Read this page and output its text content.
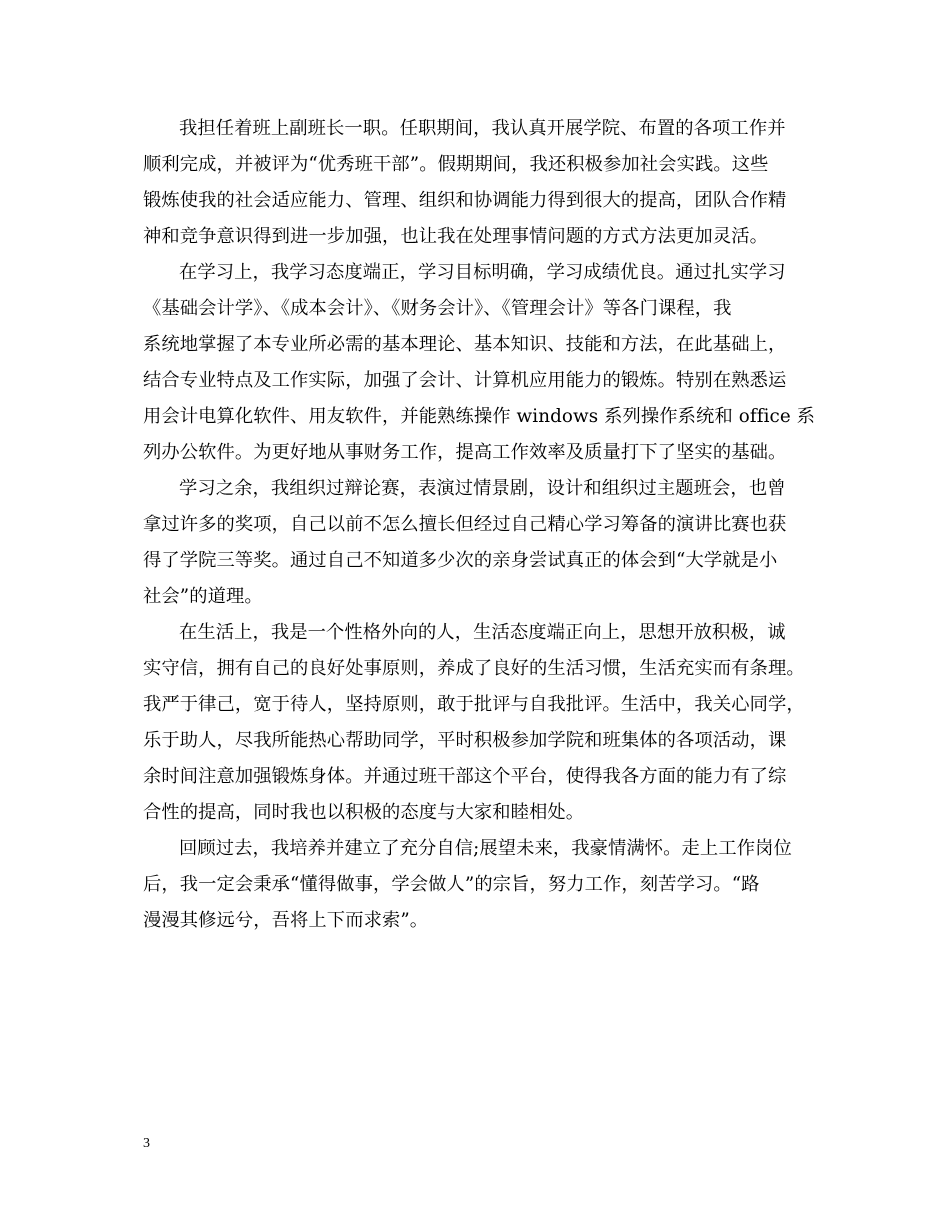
我担任着班上副班长一职。任职期间，我认真开展学院、布置的各项工作并
顺利完成，并被评为“优秀班干部”。假期期间，我还积极参加社会实践。这些
锻炼使我的社会适应能力、管理、组织和协调能力得到很大的提高，团队合作精
神和竞争意识得到进一步加强，也让我在处理事情问题的方式方法更加灵活。
在学习上，我学习态度端正，学习目标明确，学习成绩优良。通过扎实学习
《基础会计学》、《成本会计》、《财务会计》、《管理会计》等各门课程，我
系统地掌握了本专业所必需的基本理论、基本知识、技能和方法，在此基础上，
结合专业特点及工作实际，加强了会计、计算机应用能力的锻炼。特别在熟悉运
用会计电算化软件、用友软件，并能熟练操作 windows 系列操作系统和 office 系
列办公软件。为更好地从事财务工作，提高工作效率及质量打下了坚实的基础。
学习之余，我组织过辩论赛，表演过情景剧，设计和组织过主题班会，也曾
拿过许多的奖项，自己以前不怎么擅长但经过自己精心学习筹备的演讲比赛也获
得了学院三等奖。通过自己不知道多少次的亲身尝试真正的体会到“大学就是小
社会”的道理。
在生活上，我是一个性格外向的人，生活态度端正向上，思想开放积极，诚
实守信，拥有自己的良好处事原则，养成了良好的生活习惯，生活充实而有条理。
我严于律己，宽于待人，坚持原则，敢于批评与自我批评。生活中，我关心同学，
乐于助人，尽我所能热心帮助同学，平时积极参加学院和班集体的各项活动，课
余时间注意加强锻炼身体。并通过班干部这个平台，使得我各方面的能力有了综
合性的提高，同时我也以积极的态度与大家和睦相处。
回顾过去，我培养并建立了充分自信;展望未来，我豪情满怀。走上工作岗位
后，我一定会秉承“懂得做事，学会做人”的宗旨，努力工作，刻苦学习。“路
漫漫其修远兮，吾将上下而求索”。
3
